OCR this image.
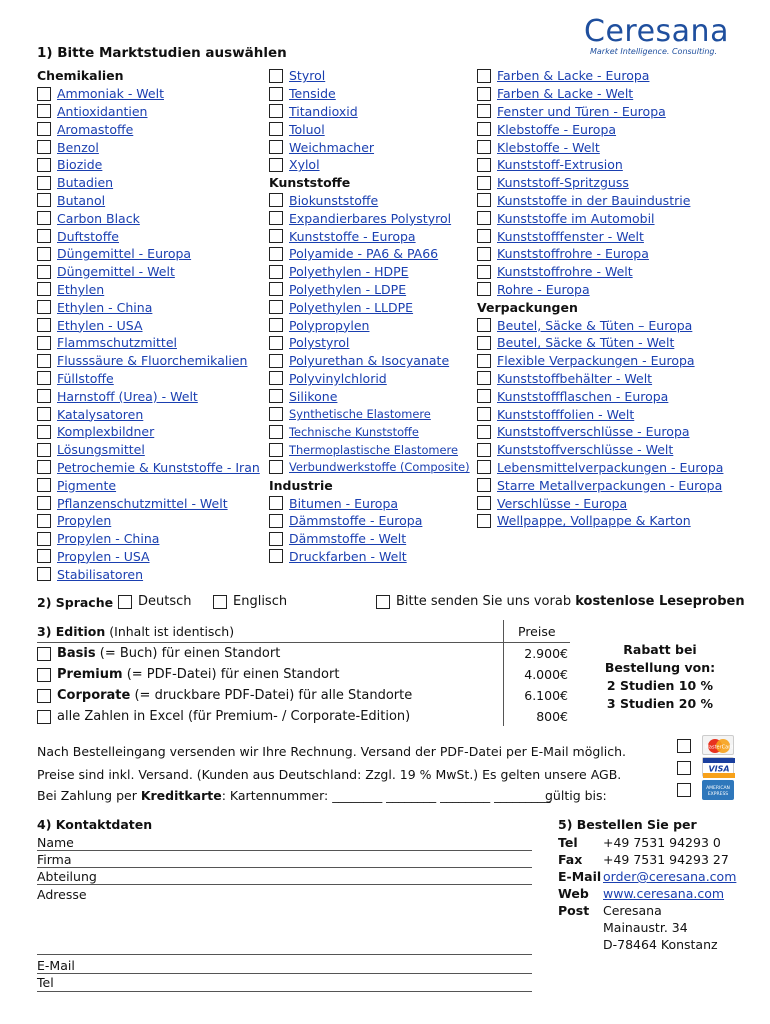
Ceresana
Market Intelligence. Consulting.
1) Bitte Marktstudien auswählen
Chemikalien
Ammoniak - Welt
Antioxidantien
Aromastoffe
Benzol
Biozide
Butadien
Butanol
Carbon Black
Duftstoffe
Düngemittel - Europa
Düngemittel - Welt
Ethylen
Ethylen - China
Ethylen - USA
Flammschutzmittel
Flusssäure & Fluorchemikalien
Füllstoffe
Harnstoff (Urea) - Welt
Katalysatoren
Komplexbildner
Lösungsmittel
Petrochemie & Kunststoffe - Iran
Pigmente
Pflanzenschutzmittel - Welt
Propylen
Propylen - China
Propylen - USA
Stabilisatoren
Styrol
Tenside
Titandioxid
Toluol
Weichmacher
Xylol
Kunststoffe
Biokunststoffe
Expandierbares Polystyrol
Kunststoffe - Europa
Polyamide - PA6 & PA66
Polyethylen - HDPE
Polyethylen - LDPE
Polyethylen - LLDPE
Polypropylen
Polystyrol
Polyurethan & Isocyanate
Polyvinylchlorid
Silikone
Synthetische Elastomere
Technische Kunststoffe
Thermoplastische Elastomere
Verbundwerkstoffe (Composite)
Industrie
Bitumen - Europa
Dämmstoffe - Europa
Dämmstoffe - Welt
Druckfarben - Welt
Farben & Lacke - Europa
Farben & Lacke - Welt
Fenster und Türen - Europa
Klebstoffe - Europa
Klebstoffe - Welt
Kunststoff-Extrusion
Kunststoff-Spritzguss
Kunststoffe in der Bauindustrie
Kunststoffe im Automobil
Kunststofffenster - Welt
Kunststoffrohre - Europa
Kunststoffrohre - Welt
Rohre - Europa
Verpackungen
Beutel, Säcke & Tüten – Europa
Beutel, Säcke & Tüten - Welt
Flexible Verpackungen - Europa
Kunststoffbehälter - Welt
Kunststoffflaschen - Europa
Kunststofffolien - Welt
Kunststoffverschlüsse - Europa
Kunststoffverschlüsse - Welt
Lebensmittelverpackungen - Europa
Starre Metallverpackungen - Europa
Verschlüsse - Europa
Wellpappe, Vollpappe & Karton
2) Sprache Deutsch	Englisch	Bitte senden Sie uns vorab kostenlose Leseproben
3) Edition (Inhalt ist identisch)	Preise
Basis (= Buch) für einen Standort	2.900€
Premium (= PDF-Datei) für einen Standort	4.000€
Corporate (= druckbare PDF-Datei) für alle Standorte	6.100€
alle Zahlen in Excel (für Premium- / Corporate-Edition)	800€
Rabatt bei
Bestellung von:
2 Studien 10 %
3 Studien 20 %
Nach Bestelleingang versenden wir Ihre Rechnung. Versand der PDF-Datei per E-Mail möglich.
Preise sind inkl. Versand. (Kunden aus Deutschland: Zzgl. 19 % MwSt.) Es gelten unsere AGB.
Bei Zahlung per Kreditkarte: Kartennummer: ________ ________ ________ _________
gültig bis:
MasterCard
VISA
AMERICAN
EXPRESS
4) Kontaktdaten
Name
Firma
Abteilung
Adresse
E-Mail
Tel
5) Bestellen Sie per
Tel +49 7531 94293 0
Fax +49 7531 94293 27
E-Mail order@ceresana.com
Web www.ceresana.com
Post Ceresana
Mainaustr. 34
D-78464 Konstanz
